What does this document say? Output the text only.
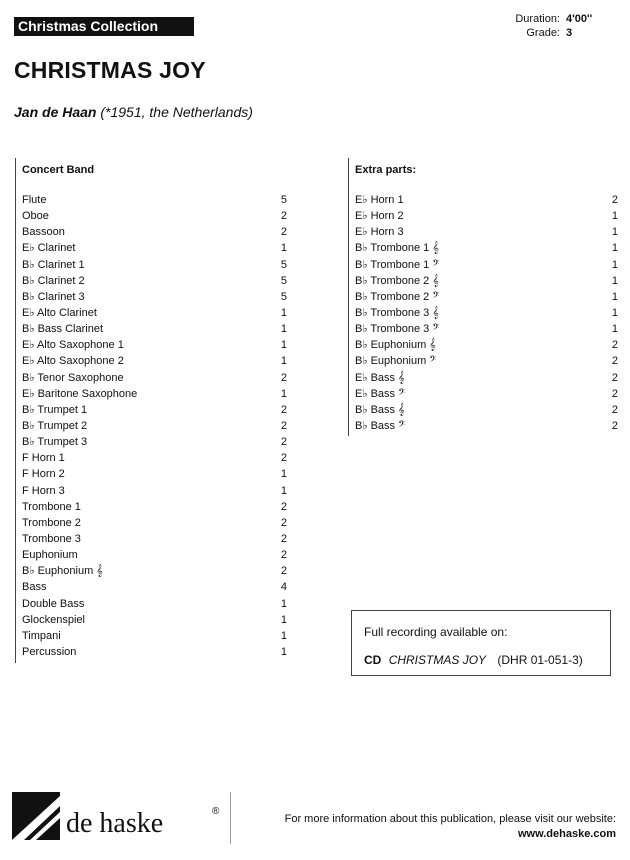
Christmas Collection	Duration: 4'00''
Grade: 3
CHRISTMAS JOY
Jan de Haan (*1951, the Netherlands)
Concert Band
Flute	5
Oboe	2
Bassoon	2
E♭ Clarinet	1
B♭ Clarinet 1	5
B♭ Clarinet 2	5
B♭ Clarinet 3	5
E♭ Alto Clarinet	1
B♭ Bass Clarinet	1
E♭ Alto Saxophone 1	1
E♭ Alto Saxophone 2	1
B♭ Tenor Saxophone	2
E♭ Baritone Saxophone	1
B♭ Trumpet 1	2
B♭ Trumpet 2	2
B♭ Trumpet 3	2
F Horn 1	2
F Horn 2	1
F Horn 3	1
Trombone 1	2
Trombone 2	2
Trombone 3	2
Euphonium	2
B♭ Euphonium 𝄞	2
Bass	4
Double Bass	1
Glockenspiel	1
Timpani	1
Percussion	1
Extra parts:
E♭ Horn 1	2
E♭ Horn 2	1
E♭ Horn 3	1
B♭ Trombone 1 𝄞	1
B♭ Trombone 1 𝄢	1
B♭ Trombone 2 𝄞	1
B♭ Trombone 2 𝄢	1
B♭ Trombone 3 𝄞	1
B♭ Trombone 3 𝄢	1
B♭ Euphonium 𝄞	2
B♭ Euphonium 𝄢	2
E♭ Bass 𝄞	2
E♭ Bass 𝄢	2
B♭ Bass 𝄞	2
B♭ Bass 𝄢	2
Full recording available on:
CD CHRISTMAS JOY (DHR 01-051-3)
de haske	®
For more information about this publication, please visit our website:
www.dehaske.com
